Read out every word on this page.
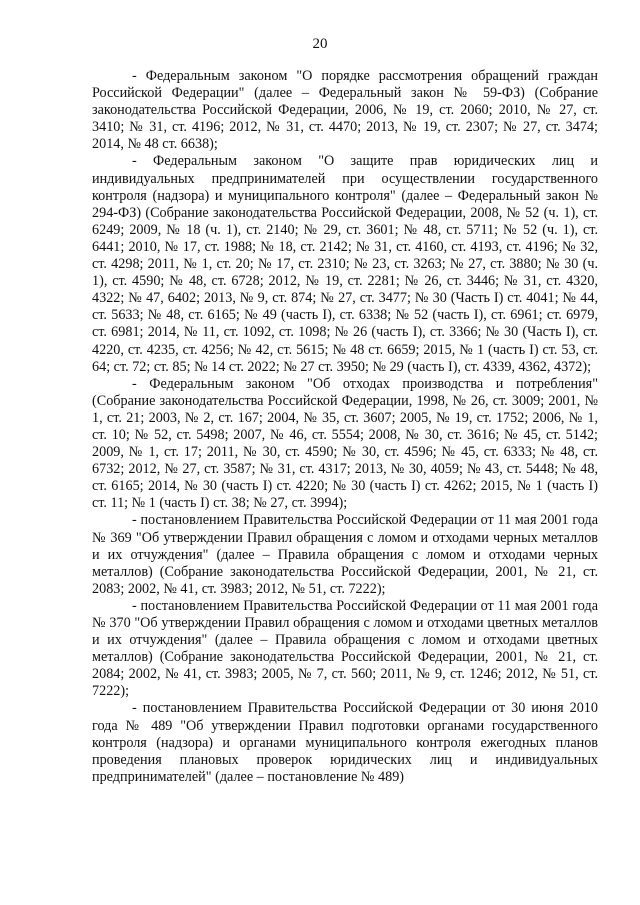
20

- Федеральным законом "О порядке рассмотрения обращений граждан Российской Федерации" (далее – Федеральный закон № 59-ФЗ) (Собрание законодательства Российской Федерации, 2006, № 19, ст. 2060; 2010, № 27, ст. 3410; № 31, ст. 4196; 2012, № 31, ст. 4470; 2013, № 19, ст. 2307; № 27, ст. 3474; 2014, № 48 ст. 6638);

- Федеральным законом "О защите прав юридических лиц и индивидуальных предпринимателей при осуществлении государственного контроля (надзора) и муниципального контроля" (далее – Федеральный закон № 294-ФЗ) (Собрание законодательства Российской Федерации, 2008, № 52 (ч. 1), ст. 6249; 2009, № 18 (ч. 1), ст. 2140; № 29, ст. 3601; № 48, ст. 5711; № 52 (ч. 1), ст. 6441; 2010, № 17, ст. 1988; № 18, ст. 2142; № 31, ст. 4160, ст. 4193, ст. 4196; № 32, ст. 4298; 2011, № 1, ст. 20; № 17, ст. 2310; № 23, ст. 3263; № 27, ст. 3880; № 30 (ч. 1), ст. 4590; № 48, ст. 6728; 2012, № 19, ст. 2281; № 26, ст. 3446; № 31, ст. 4320, 4322; № 47, 6402; 2013, № 9, ст. 874; № 27, ст. 3477; № 30 (Часть I) ст. 4041; № 44, ст. 5633; № 48, ст. 6165; № 49 (часть I), ст. 6338; № 52 (часть I), ст. 6961; ст. 6979, ст. 6981; 2014, № 11, ст. 1092, ст. 1098; № 26 (часть I), ст. 3366; № 30 (Часть I), ст. 4220, ст. 4235, ст. 4256; № 42, ст. 5615; № 48 ст. 6659; 2015, № 1 (часть I) ст. 53, ст. 64; ст. 72; ст. 85; № 14 ст. 2022; № 27 ст. 3950; № 29 (часть I), ст. 4339, 4362, 4372);

- Федеральным законом "Об отходах производства и потребления" (Собрание законодательства Российской Федерации, 1998, № 26, ст. 3009; 2001, № 1, ст. 21; 2003, № 2, ст. 167; 2004, № 35, ст. 3607; 2005, № 19, ст. 1752; 2006, № 1, ст. 10; № 52, ст. 5498; 2007, № 46, ст. 5554; 2008, № 30, ст. 3616; № 45, ст. 5142; 2009, № 1, ст. 17; 2011, № 30, ст. 4590; № 30, ст. 4596; № 45, ст. 6333; № 48, ст. 6732; 2012, № 27, ст. 3587; № 31, ст. 4317; 2013, № 30, 4059; № 43, ст. 5448; № 48, ст. 6165; 2014, № 30 (часть I) ст. 4220; № 30 (часть I) ст. 4262; 2015, № 1 (часть I) ст. 11; № 1 (часть I) ст. 38; № 27, ст. 3994);

- постановлением Правительства Российской Федерации от 11 мая 2001 года № 369 "Об утверждении Правил обращения с ломом и отходами черных металлов и их отчуждения" (далее – Правила обращения с ломом и отходами черных металлов) (Собрание законодательства Российской Федерации, 2001, № 21, ст. 2083; 2002, № 41, ст. 3983; 2012, № 51, ст. 7222);

- постановлением Правительства Российской Федерации от 11 мая 2001 года № 370 "Об утверждении Правил обращения с ломом и отходами цветных металлов и их отчуждения" (далее – Правила обращения с ломом и отходами цветных металлов) (Собрание законодательства Российской Федерации, 2001, № 21, ст. 2084; 2002, № 41, ст. 3983; 2005, № 7, ст. 560; 2011, № 9, ст. 1246; 2012, № 51, ст. 7222);

- постановлением Правительства Российской Федерации от 30 июня 2010 года № 489 "Об утверждении Правил подготовки органами государственного контроля (надзора) и органами муниципального контроля ежегодных планов проведения плановых проверок юридических лиц и индивидуальных предпринимателей" (далее – постановление № 489)
